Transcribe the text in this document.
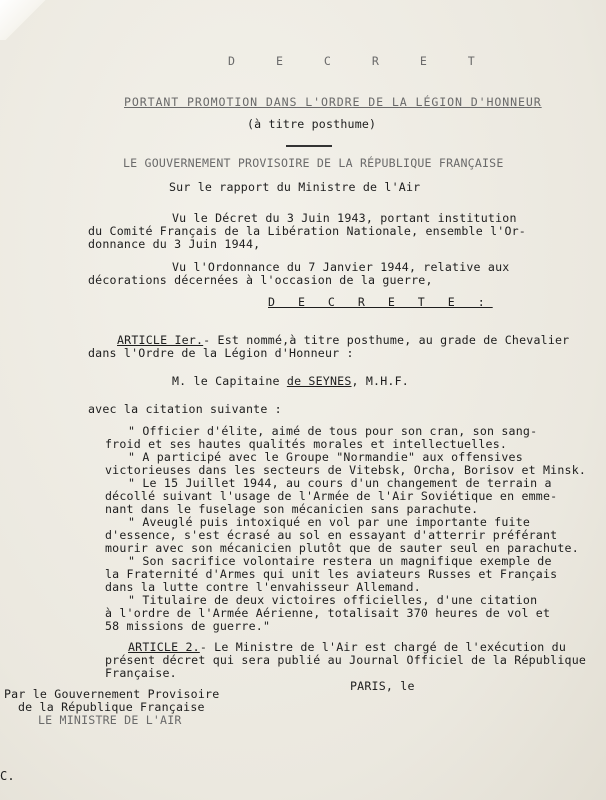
D E C R E T
PORTANT PROMOTION DANS L'ORDRE DE LA LÉGION D'HONNEUR
(à titre posthume)
LE GOUVERNEMENT PROVISOIRE DE LA RÉPUBLIQUE FRANÇAISE
Sur le rapport du Ministre de l'Air
Vu le Décret du 3 Juin 1943, portant institution
du Comité Français de la Libération Nationale, ensemble l'Or-
donnance du 3 Juin 1944,
Vu l'Ordonnance du 7 Janvier 1944, relative aux
décorations décernées à l'occasion de la guerre,
D E C R E T E :
ARTICLE Ier.- Est nommé,à titre posthume, au grade de Chevalier
dans l'Ordre de la Légion d'Honneur :
M. le Capitaine de SEYNES, M.H.F.
avec la citation suivante :
" Officier d'élite, aimé de tous pour son cran, son sang-
froid et ses hautes qualités morales et intellectuelles.
" A participé avec le Groupe "Normandie" aux offensives
victorieuses dans les secteurs de Vitebsk, Orcha, Borisov et Minsk.
" Le 15 Juillet 1944, au cours d'un changement de terrain a
décollé suivant l'usage de l'Armée de l'Air Soviétique en emme-
nant dans le fuselage son mécanicien sans parachute.
" Aveuglé puis intoxiqué en vol par une importante fuite
d'essence, s'est écrasé au sol en essayant d'atterrir préférant
mourir avec son mécanicien plutôt que de sauter seul en parachute.
" Son sacrifice volontaire restera un magnifique exemple de
la Fraternité d'Armes qui unit les aviateurs Russes et Français
dans la lutte contre l'envahisseur Allemand.
" Titulaire de deux victoires officielles, d'une citation
à l'ordre de l'Armée Aérienne, totalisait 370 heures de vol et
58 missions de guerre."
ARTICLE 2.- Le Ministre de l'Air est chargé de l'exécution du
présent décret qui sera publié au Journal Officiel de la République
Française.
PARIS, le
Par le Gouvernement Provisoire
de la République Française
LE MINISTRE DE L'AIR
C.
